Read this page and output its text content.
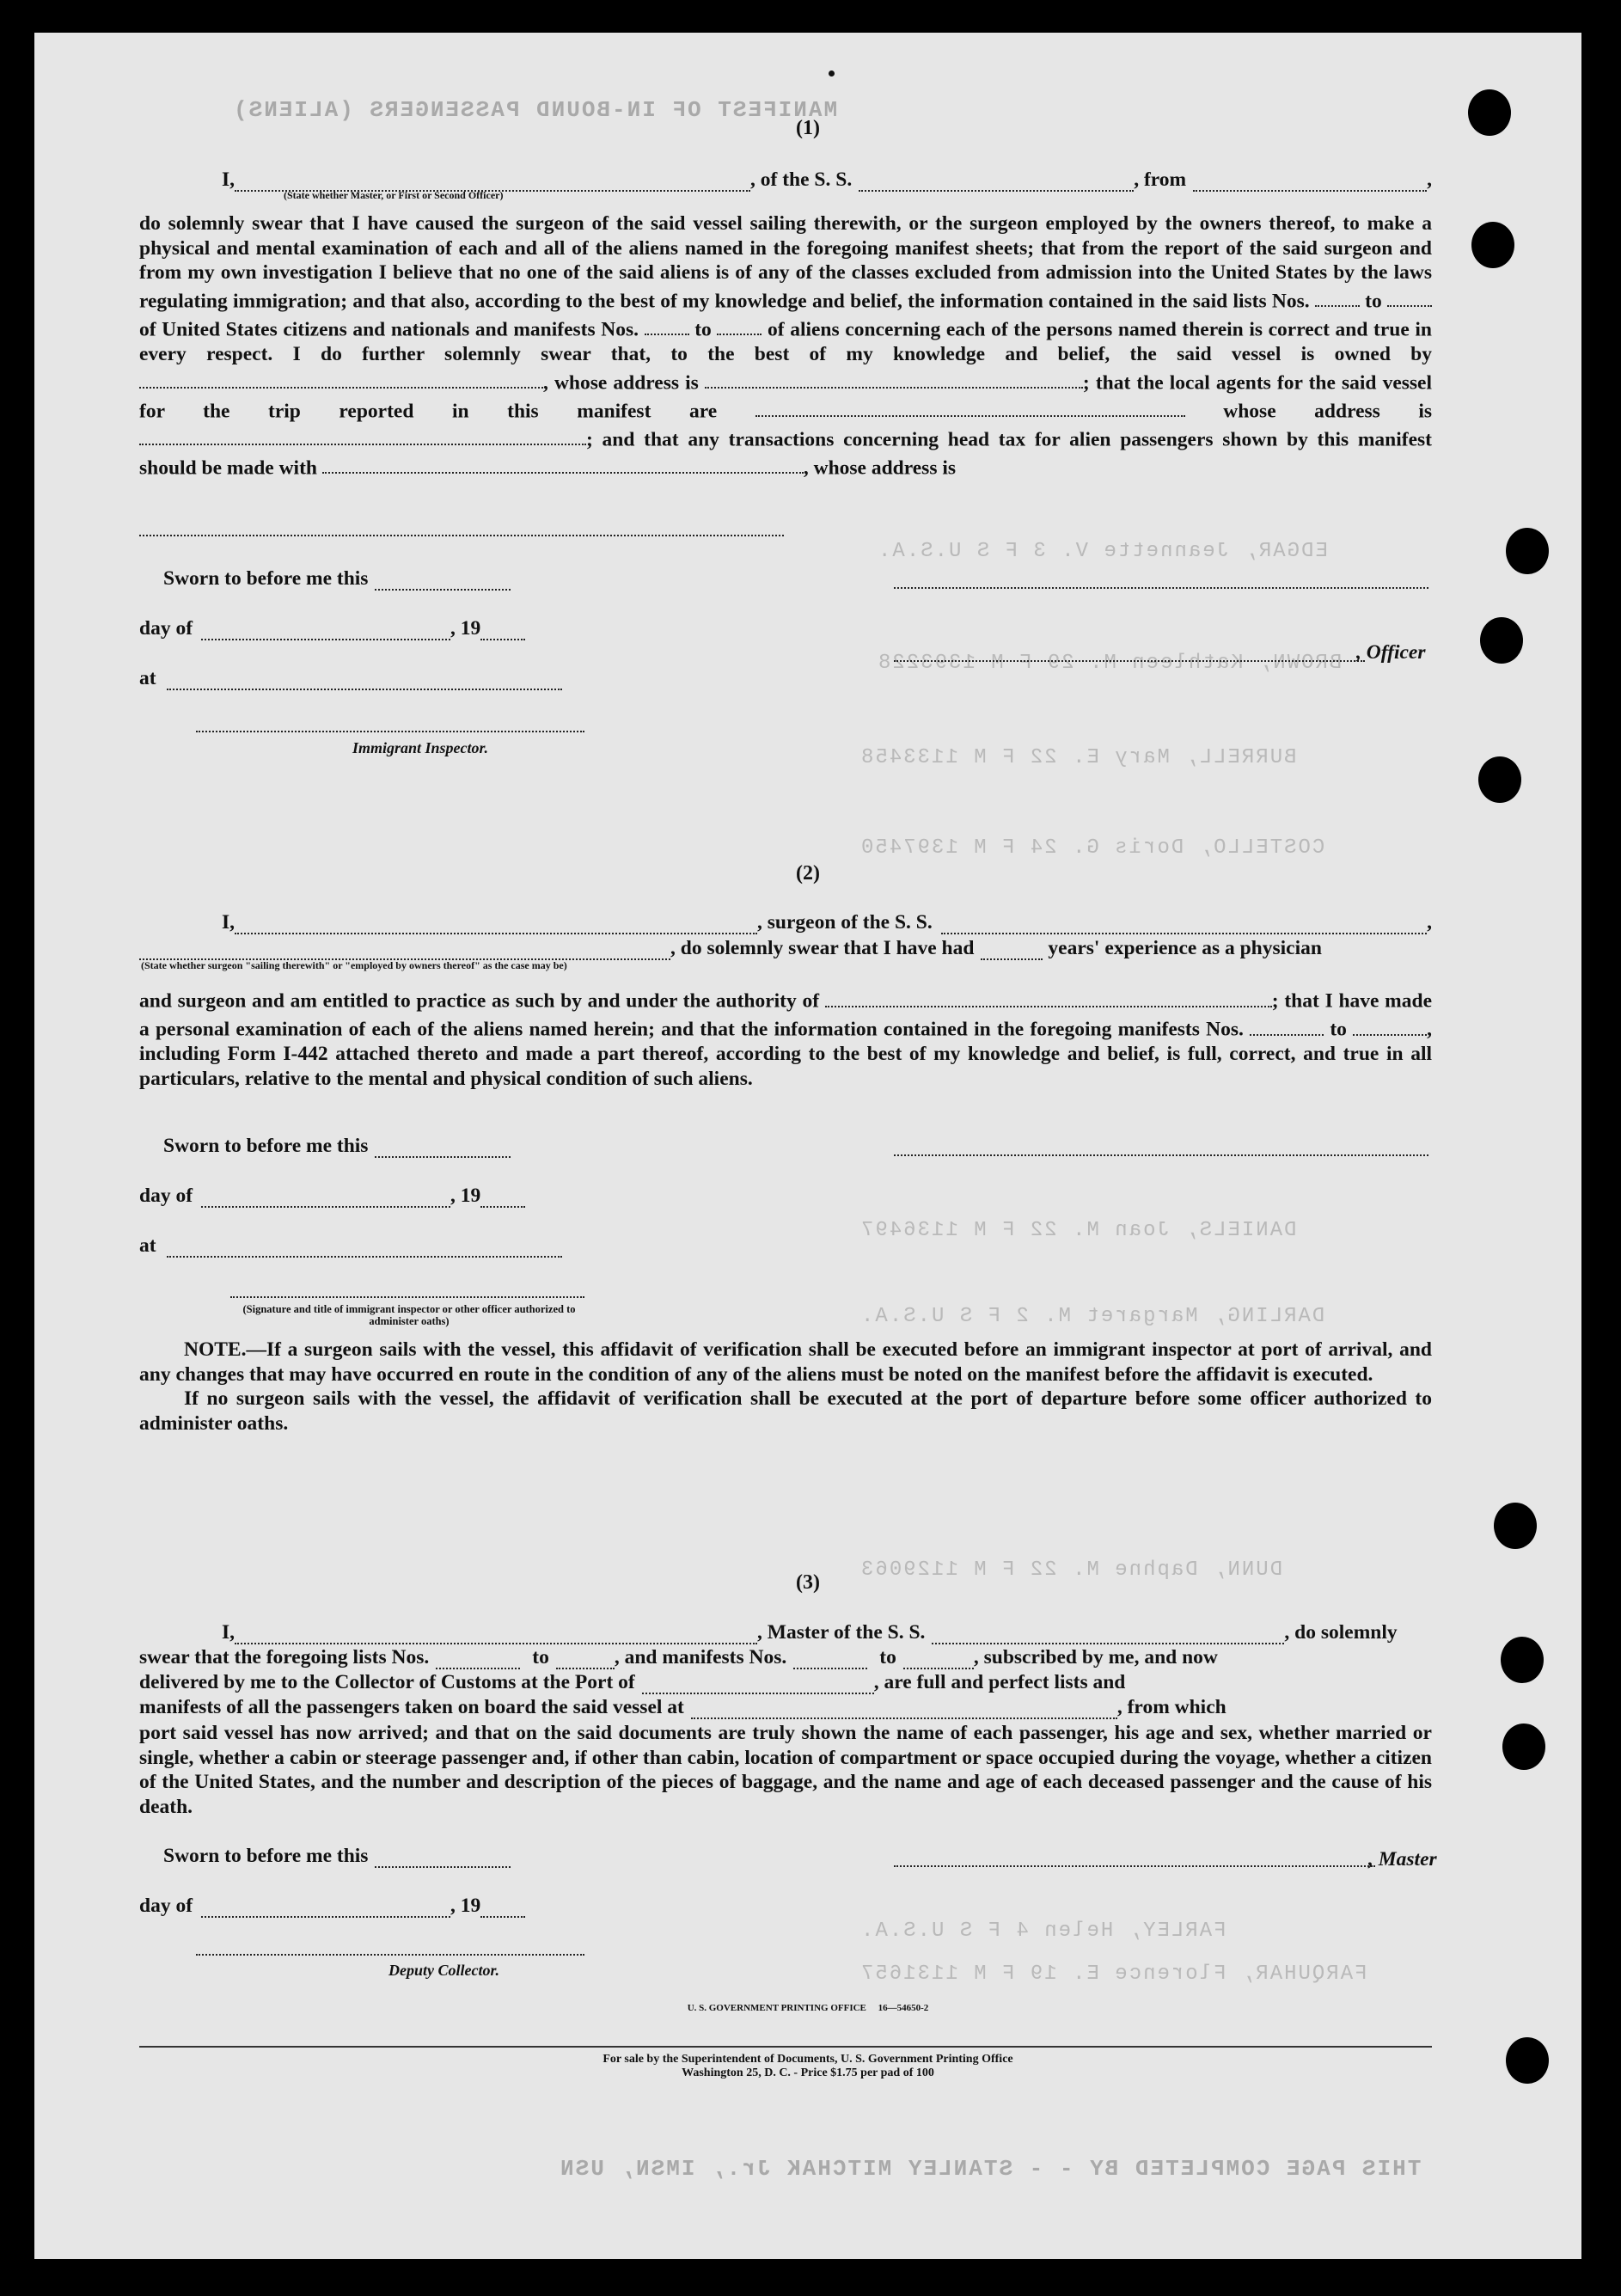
MANIFEST OF IN-BOUND PASSENGERS (ALIENS)
EDGAR, Jeannette V. 3 F S U.S.A.
BROWN, Kathleen M. 29 F M 1393228
BURRELL, Mary E. 22 F M 1133458
COSTELLO, Doris G. 24 F M 1397450
DANIELS, Joan M. 22 F M 1136497
DARLING, Margaret M. 2 F S U.S.A.
DUNN, Daphne M. 22 F M 1129063
FARLEY, Helen 4 F S U.S.A.
FARQUHAR, Florence E. 19 F M 1131657
THIS PAGE COMPLETED BY - - STANLEY MITCHAK Jr., IMSN, USN
(1)
I,	, of the S. S.	, from	,
(State whether Master, or First or Second Officer)

do solemnly swear that I have caused the surgeon of the said vessel sailing therewith, or the surgeon employed by the owners thereof, to make a physical and mental examination of each and all of the aliens named in the foregoing manifest sheets; that from the report of the said surgeon and from my own investigation I believe that no one of the said aliens is of any of the classes excluded from admission into the United States by the laws regulating immigration; and that also, according to the best of my knowledge and belief, the information contained in the said lists Nos.	to  of United States citizens and nationals and manifests Nos.	to	of aliens concerning each of the persons named therein is correct and true in every respect. I do further solemnly swear that, to the best of my knowledge and belief, the said vessel is owned by , whose address is	; that the local agents for the said vessel for the trip reported in this manifest are	whose address is ; and that any transactions concerning head tax for alien passengers shown by this manifest should be made with	, whose address is

Sworn to before me this
day of	, 19
at
, Officer
Immigrant Inspector.
(2)
I,	, surgeon of the S. S.	,
, do solemnly swear that I have had	years' experience as a physician
(State whether surgeon "sailing therewith" or "employed by owners thereof" as the case may be)

and surgeon and am entitled to practice as such by and under the authority of	; that I have made a personal examination of each of the aliens named herein; and that the information contained in the foregoing manifests Nos.	to	, including Form I-442 attached thereto and made a part thereof, according to the best of my knowledge and belief, is full, correct, and true in all particulars, relative to the mental and physical condition of such aliens.

Sworn to before me this
day of	, 19
at
(Signature and title of immigrant inspector or other officer authorized to administer oaths)

NOTE.—If a surgeon sails with the vessel, this affidavit of verification shall be executed before an immigrant inspector at port of arrival, and any changes that may have occurred en route in the condition of any of the aliens must be noted on the manifest before the affidavit is executed.

If no surgeon sails with the vessel, the affidavit of verification shall be executed at the port of departure before some officer authorized to administer oaths.

(3)
I,	, Master of the S. S.	, do solemnly
swear that the foregoing lists Nos.	to	, and manifests Nos.	to	, subscribed by me, and now
delivered by me to the Collector of Customs at the Port of	, are full and perfect lists and
manifests of all the passengers taken on board the said vessel at	, from which

port said vessel has now arrived; and that on the said documents are truly shown the name of each passenger, his age and sex, whether married or single, whether a cabin or steerage passenger and, if other than cabin, location of compartment or space occupied during the voyage, whether a citizen of the United States, and the number and description of the pieces of baggage, and the name and age of each deceased passenger and the cause of his death.

Sworn to before me this	, Master
day of	, 19
Deputy Collector.
U. S. GOVERNMENT PRINTING OFFICE     16—54650-2
For sale by the Superintendent of Documents, U. S. Government Printing Office
Washington 25, D. C. - Price $1.75 per pad of 100
